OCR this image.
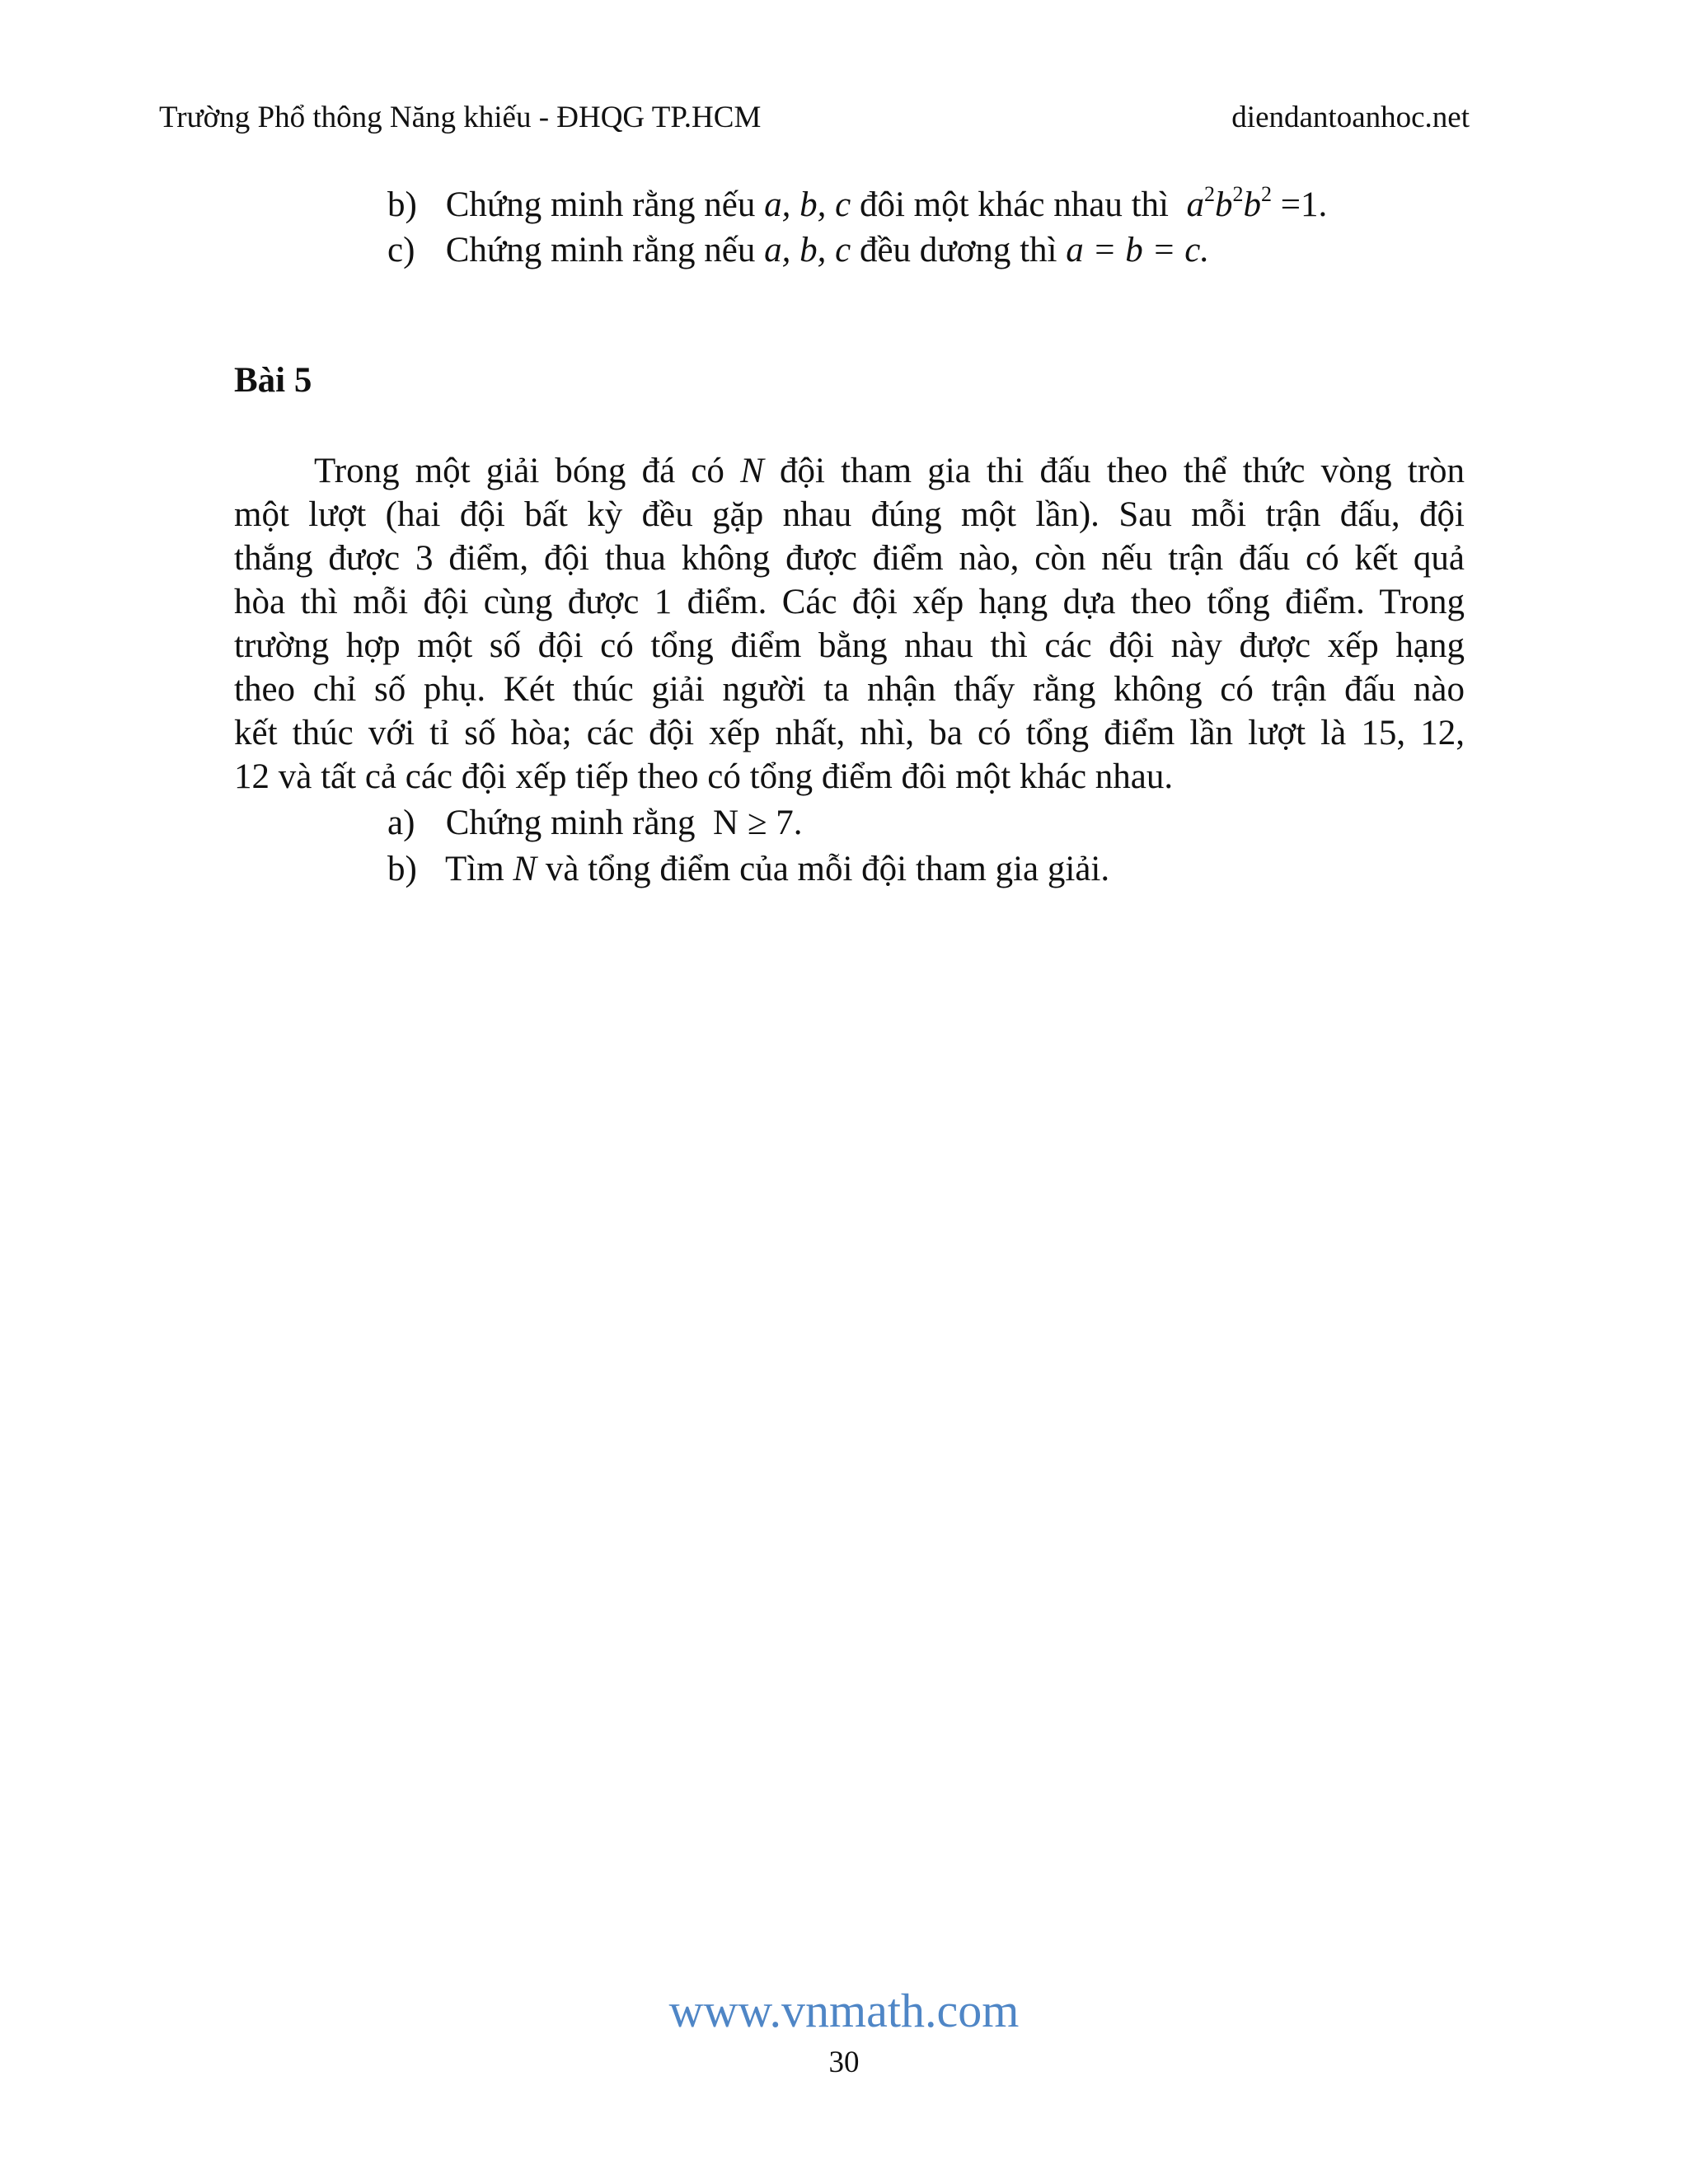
Trường Phổ thông Năng khiếu - ĐHQG TP.HCM	diendantoanhoc.net
b) Chứng minh rằng nếu a, b, c đôi một khác nhau thì $a^2b^2b^2 =1$.
c) Chứng minh rằng nếu a, b, c đều dương thì a = b = c.
Bài 5
Trong một giải bóng đá có N đội tham gia thi đấu theo thể thức vòng tròn
một lượt (hai đội bất kỳ đều gặp nhau đúng một lần). Sau mỗi trận đấu, đội
thắng được 3 điểm, đội thua không được điểm nào, còn nếu trận đấu có kết quả
hòa thì mỗi đội cùng được 1 điểm. Các đội xếp hạng dựa theo tổng điểm. Trong
trường hợp một số đội có tổng điểm bằng nhau thì các đội này được xếp hạng
theo chỉ số phụ. Két thúc giải người ta nhận thấy rằng không có trận đấu nào
kết thúc với tỉ số hòa; các đội xếp nhất, nhì, ba có tổng điểm lần lượt là 15, 12,
12 và tất cả các đội xếp tiếp theo có tổng điểm đôi một khác nhau.
a) Chứng minh rằng N ≥ 7.
b) Tìm N và tổng điểm của mỗi đội tham gia giải.
www.vnmath.com
30
